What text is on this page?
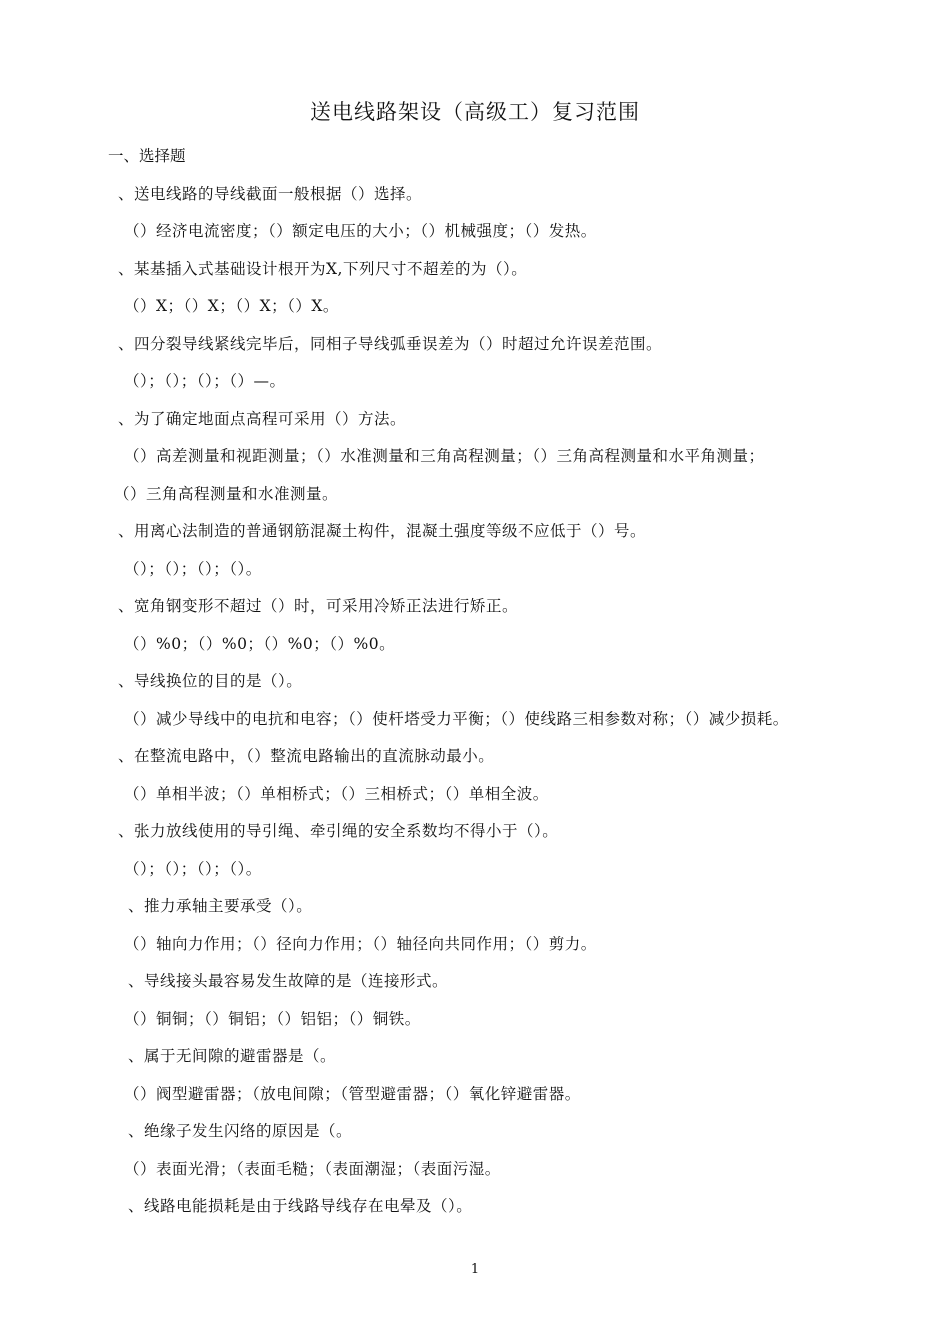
送电线路架设（高级工）复习范围
一、选择题
、送电线路的导线截面一般根据（）选择。
（）经济电流密度；（）额定电压的大小；（）机械强度；（）发热。
、某基插入式基础设计根开为X,下列尺寸不超差的为（）。
（）X；（）X；（）X；（）X。
、四分裂导线紧线完毕后，同相子导线弧垂误差为（）时超过允许误差范围。
（）；（）；（）；（）—。
、为了确定地面点高程可采用（）方法。
（）高差测量和视距测量；（）水准测量和三角高程测量；（）三角高程测量和水平角测量；
（）三角高程测量和水准测量。
、用离心法制造的普通钢筋混凝土构件，混凝土强度等级不应低于（）号。
（）；（）；（）；（）。
、宽角钢变形不超过（）时，可采用冷矫正法进行矫正。
（）%0；（）%0；（）%0；（）%0。
、导线换位的目的是（）。
（）减少导线中的电抗和电容；（）使杆塔受力平衡；（）使线路三相参数对称；（）减少损耗。
、在整流电路中，（）整流电路输出的直流脉动最小。
（）单相半波；（）单相桥式；（）三相桥式；（）单相全波。
、张力放线使用的导引绳、牵引绳的安全系数均不得小于（）。
（）；（）；（）；（）。
、推力承轴主要承受（）。
（）轴向力作用；（）径向力作用；（）轴径向共同作用；（）剪力。
、导线接头最容易发生故障的是（连接形式。
（）铜铜；（）铜铝；（）铝铝；（）铜铁。
、属于无间隙的避雷器是（。
（）阀型避雷器；（放电间隙；（管型避雷器；（）氧化锌避雷器。
、绝缘子发生闪络的原因是（。
（）表面光滑；（表面毛糙；（表面潮湿；（表面污湿。
、线路电能损耗是由于线路导线存在电晕及（）。
1
